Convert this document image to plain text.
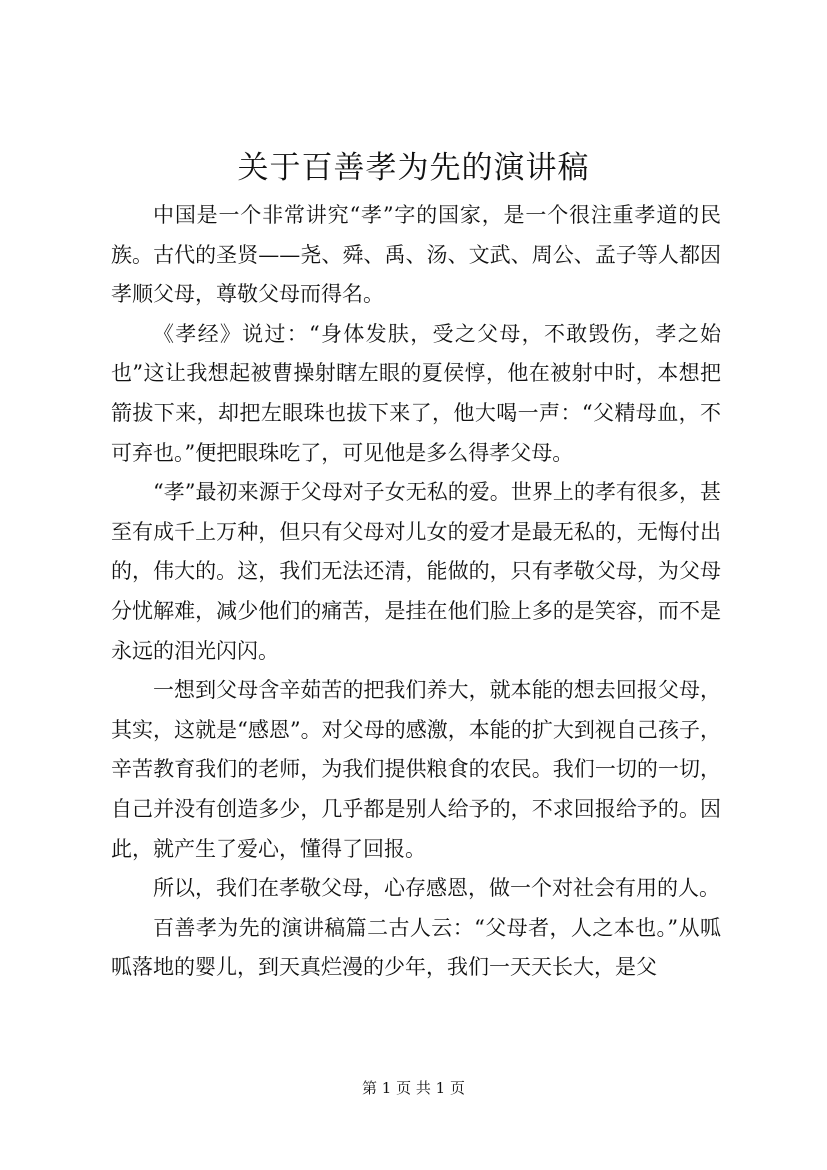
关于百善孝为先的演讲稿

中国是一个非常讲究“孝”字的国家，是一个很注重孝道的民族。古代的圣贤——尧、舜、禹、汤、文武、周公、孟子等人都因孝顺父母，尊敬父母而得名。

《孝经》说过：“身体发肤，受之父母，不敢毁伤，孝之始也”这让我想起被曹操射瞎左眼的夏侯惇，他在被射中时，本想把箭拔下来，却把左眼珠也拔下来了，他大喝一声：“父精母血，不可弃也。”便把眼珠吃了，可见他是多么得孝父母。

“孝”最初来源于父母对子女无私的爱。世界上的孝有很多，甚至有成千上万种，但只有父母对儿女的爱才是最无私的，无悔付出的，伟大的。这，我们无法还清，能做的，只有孝敬父母，为父母分忧解难，减少他们的痛苦，是挂在他们脸上多的是笑容，而不是永远的泪光闪闪。

一想到父母含辛茹苦的把我们养大，就本能的想去回报父母，其实，这就是“感恩”。对父母的感激，本能的扩大到视自己孩子，辛苦教育我们的老师，为我们提供粮食的农民。我们一切的一切，自己并没有创造多少，几乎都是别人给予的，不求回报给予的。因此，就产生了爱心，懂得了回报。

所以，我们在孝敬父母，心存感恩，做一个对社会有用的人。

百善孝为先的演讲稿篇二古人云：“父母者，人之本也。”从呱呱落地的婴儿，到天真烂漫的少年，我们一天天长大，是父

第 1 页 共 1 页
